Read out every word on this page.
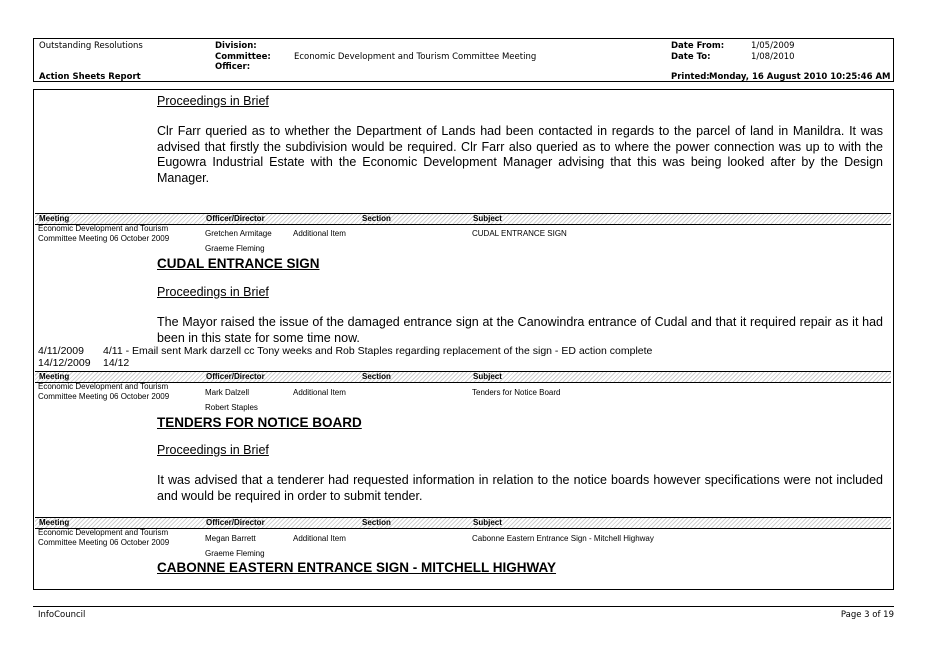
Outstanding Resolutions	Division:
Committee:	Economic Development and Tourism Committee Meeting
Officer:
Date From:	1/05/2009
Date To:	1/08/2010
Action Sheets Report	Printed: Monday, 16 August 2010 10:25:46 AM
Proceedings in Brief
Clr Farr queried as to whether the Department of Lands had been contacted in regards to the parcel of land in Manildra. It was advised that firstly the subdivision would be required. Clr Farr also queried as to where the power connection was up to with the Eugowra Industrial Estate with the Economic Development Manager advising that this was being looked after by the Design Manager.
Meeting	Officer/Director	Section	Subject
Economic Development and Tourism
Committee Meeting 06 October 2009
Gretchen Armitage	Additional Item	CUDAL ENTRANCE SIGN
Graeme Fleming
CUDAL ENTRANCE SIGN
Proceedings in Brief
The Mayor raised the issue of the damaged entrance sign at the Canowindra entrance of Cudal and that it required repair as it had been in this state for some time now.
4/11/2009 4/11 - Email sent Mark darzell cc Tony weeks and Rob Staples regarding replacement of the sign - ED action complete
14/12/2009 14/12
Meeting	Officer/Director	Section	Subject
Economic Development and Tourism
Committee Meeting 06 October 2009	Mark Dalzell	Additional Item	Tenders for Notice Board
Robert Staples
TENDERS FOR NOTICE BOARD
Proceedings in Brief
It was advised that a tenderer had requested information in relation to the notice boards however specifications were not included and would be required in order to submit tender.
Meeting	Officer/Director	Section	Subject
Economic Development and Tourism
Committee Meeting 06 October 2009	Megan Barrett	Additional Item	Cabonne Eastern Entrance Sign - Mitchell Highway
Graeme Fleming
CABONNE EASTERN ENTRANCE SIGN - MITCHELL HIGHWAY
InfoCouncil	Page 3 of 19
